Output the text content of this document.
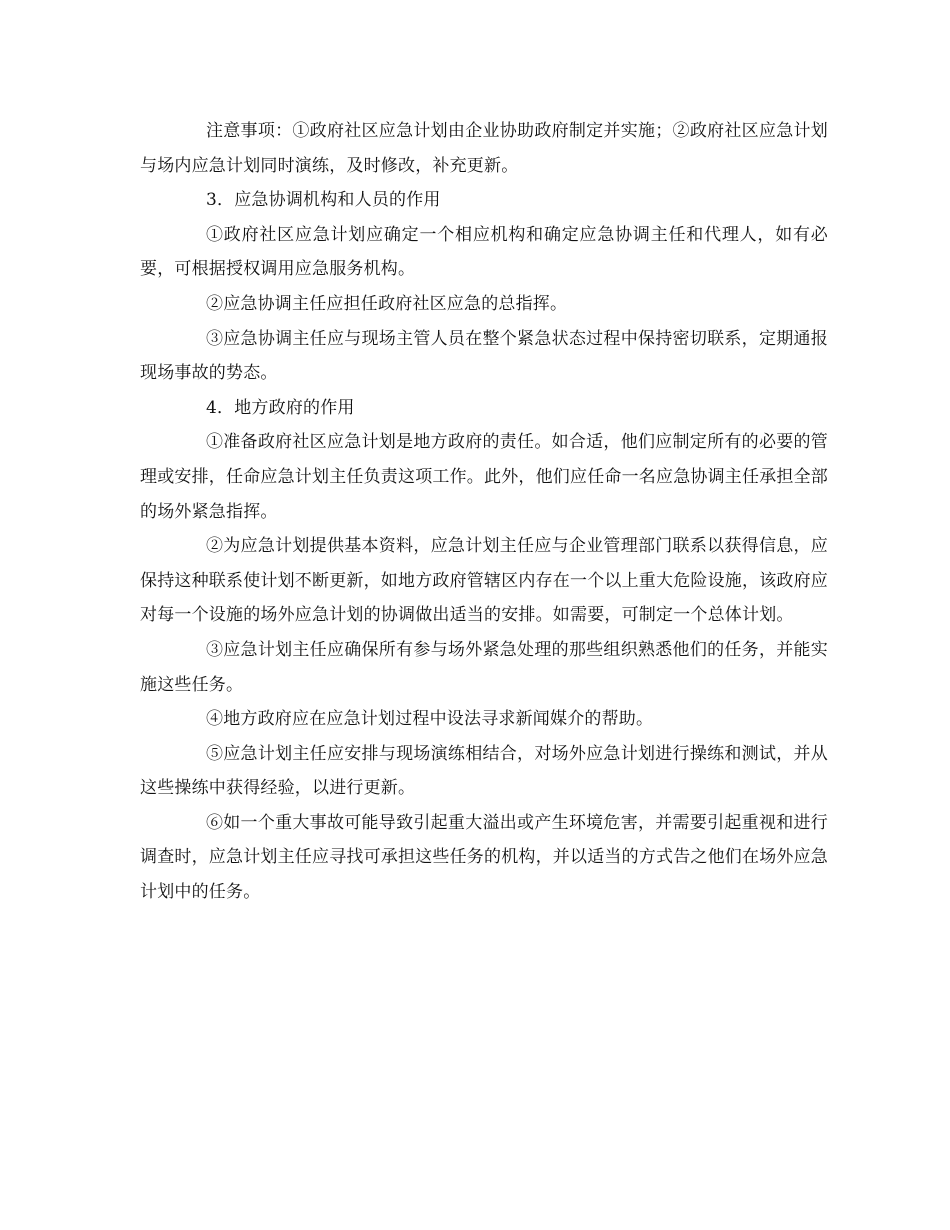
注意事项：①政府社区应急计划由企业协助政府制定并实施；②政府社区应急计划与场内应急计划同时演练，及时修改，补充更新。

3．应急协调机构和人员的作用

①政府社区应急计划应确定一个相应机构和确定应急协调主任和代理人，如有必要，可根据授权调用应急服务机构。

②应急协调主任应担任政府社区应急的总指挥。

③应急协调主任应与现场主管人员在整个紧急状态过程中保持密切联系，定期通报现场事故的势态。

4．地方政府的作用

①准备政府社区应急计划是地方政府的责任。如合适，他们应制定所有的必要的管理或安排，任命应急计划主任负责这项工作。此外，他们应任命一名应急协调主任承担全部的场外紧急指挥。

②为应急计划提供基本资料，应急计划主任应与企业管理部门联系以获得信息，应保持这种联系使计划不断更新，如地方政府管辖区内存在一个以上重大危险设施，该政府应对每一个设施的场外应急计划的协调做出适当的安排。如需要，可制定一个总体计划。

③应急计划主任应确保所有参与场外紧急处理的那些组织熟悉他们的任务，并能实施这些任务。

④地方政府应在应急计划过程中设法寻求新闻媒介的帮助。

⑤应急计划主任应安排与现场演练相结合，对场外应急计划进行操练和测试，并从这些操练中获得经验，以进行更新。

⑥如一个重大事故可能导致引起重大溢出或产生环境危害，并需要引起重视和进行调查时，应急计划主任应寻找可承担这些任务的机构，并以适当的方式告之他们在场外应急计划中的任务。
